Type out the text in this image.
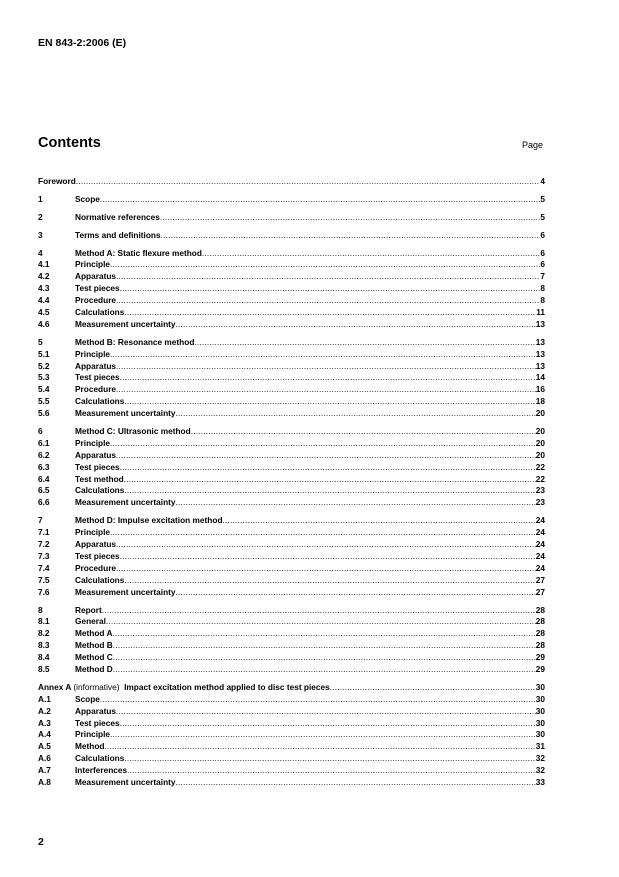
EN 843-2:2006 (E)
Contents	Page
Foreword .....	4
1	Scope .....	5
2	Normative references .....	5
3	Terms and definitions .....	6
4	Method A: Static flexure method .....	6
4.1	Principle .....	6
4.2	Apparatus .....	7
4.3	Test pieces .....	8
4.4	Procedure .....	8
4.5	Calculations .....	11
4.6	Measurement uncertainty .....	13
5	Method B: Resonance method .....	13
5.1	Principle .....	13
5.2	Apparatus .....	13
5.3	Test pieces .....	14
5.4	Procedure .....	16
5.5	Calculations .....	18
5.6	Measurement uncertainty .....	20
6	Method C: Ultrasonic method .....	20
6.1	Principle .....	20
6.2	Apparatus .....	20
6.3	Test pieces .....	22
6.4	Test method .....	22
6.5	Calculations .....	23
6.6	Measurement uncertainty .....	23
7	Method D: Impulse excitation method .....	24
7.1	Principle .....	24
7.2	Apparatus .....	24
7.3	Test pieces .....	24
7.4	Procedure .....	24
7.5	Calculations .....	27
7.6	Measurement uncertainty .....	27
8	Report .....	28
8.1	General .....	28
8.2	Method A .....	28
8.3	Method B .....	28
8.4	Method C .....	29
8.5	Method D .....	29
Annex A (informative) Impact excitation method applied to disc test pieces .....	30
A.1	Scope .....	30
A.2	Apparatus .....	30
A.3	Test pieces .....	30
A.4	Principle .....	30
A.5	Method .....	31
A.6	Calculations .....	32
A.7	Interferences .....	32
A.8	Measurement uncertainty .....	33
2
